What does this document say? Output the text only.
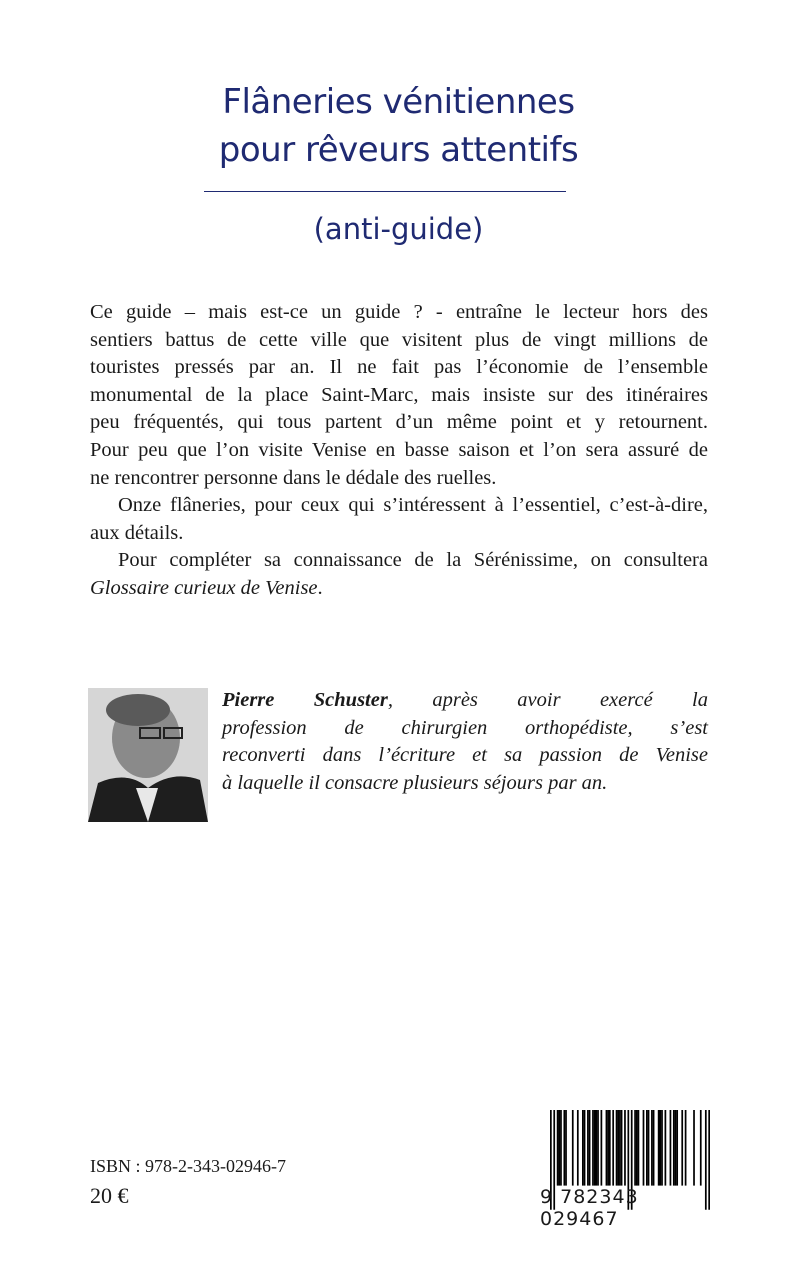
Flâneries vénitiennes
pour rêveurs attentifs
(anti-guide)
Ce guide – mais est-ce un guide ? - entraîne le lecteur hors des
sentiers battus de cette ville que visitent plus de vingt millions de
touristes pressés par an. Il ne fait pas l’économie de l’ensemble
monumental de la place Saint-Marc, mais insiste sur des itinéraires
peu fréquentés, qui tous partent d’un même point et y retournent.
Pour peu que l’on visite Venise en basse saison et l’on sera assuré de
ne rencontrer personne dans le dédale des ruelles.
Onze flâneries, pour ceux qui s’intéressent à l’essentiel, c’est-à-dire,
aux détails.
Pour compléter sa connaissance de la Sérénissime, on consultera
Glossaire curieux de Venise.
Pierre Schuster, après avoir exercé la
profession de chirurgien orthopédiste, s’est
reconverti dans l’écriture et sa passion de Venise
à laquelle il consacre plusieurs séjours par an.
ISBN : 978-2-343-02946-7
20 €	9 782343 029467
